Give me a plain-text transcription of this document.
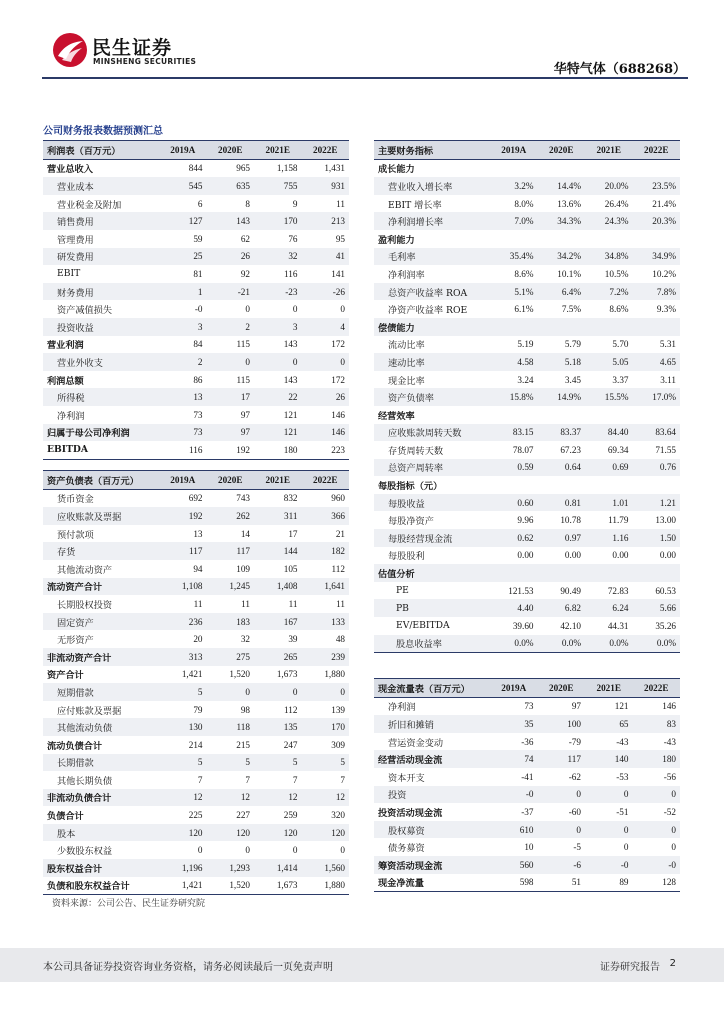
民生证券
MINSHENG SECURITIES
华特气体（688268）
公司财务报表数据预测汇总
利润表（百万元）	2019A	2020E	2021E	2022E
营业总收入	844	965	1,158	1,431
营业成本	545	635	755	931
营业税金及附加	6	8	9	11
销售费用	127	143	170	213
管理费用	59	62	76	95
研发费用	25	26	32	41
EBIT	81	92	116	141
财务费用	1	-21	-23	-26
资产减值损失	-0	0	0	0
投资收益	3	2	3	4
营业利润	84	115	143	172
营业外收支	2	0	0	0
利润总额	86	115	143	172
所得税	13	17	22	26
净利润	73	97	121	146
归属于母公司净利润	73	97	121	146
EBITDA	116	192	180	223
资产负债表（百万元）	2019A	2020E	2021E	2022E
货币资金	692	743	832	960
应收账款及票据	192	262	311	366
预付款项	13	14	17	21
存货	117	117	144	182
其他流动资产	94	109	105	112
流动资产合计	1,108	1,245	1,408	1,641
长期股权投资	11	11	11	11
固定资产	236	183	167	133
无形资产	20	32	39	48
非流动资产合计	313	275	265	239
资产合计	1,421	1,520	1,673	1,880
短期借款	5	0	0	0
应付账款及票据	79	98	112	139
其他流动负债	130	118	135	170
流动负债合计	214	215	247	309
长期借款	5	5	5	5
其他长期负债	7	7	7	7
非流动负债合计	12	12	12	12
负债合计	225	227	259	320
股本	120	120	120	120
少数股东权益	0	0	0	0
股东权益合计	1,196	1,293	1,414	1,560
负债和股东权益合计	1,421	1,520	1,673	1,880
主要财务指标	2019A	2020E	2021E	2022E
成长能力				
营业收入增长率	3.2%	14.4%	20.0%	23.5%
EBIT 增长率	8.0%	13.6%	26.4%	21.4%
净利润增长率	7.0%	34.3%	24.3%	20.3%
盈利能力				
毛利率	35.4%	34.2%	34.8%	34.9%
净利润率	8.6%	10.1%	10.5%	10.2%
总资产收益率 ROA	5.1%	6.4%	7.2%	7.8%
净资产收益率 ROE	6.1%	7.5%	8.6%	9.3%
偿债能力				
流动比率	5.19	5.79	5.70	5.31
速动比率	4.58	5.18	5.05	4.65
现金比率	3.24	3.45	3.37	3.11
资产负债率	15.8%	14.9%	15.5%	17.0%
经营效率				
应收账款周转天数	83.15	83.37	84.40	83.64
存货周转天数	78.07	67.23	69.34	71.55
总资产周转率	0.59	0.64	0.69	0.76
每股指标（元）				
每股收益	0.60	0.81	1.01	1.21
每股净资产	9.96	10.78	11.79	13.00
每股经营现金流	0.62	0.97	1.16	1.50
每股股利	0.00	0.00	0.00	0.00
估值分析				
PE	121.53	90.49	72.83	60.53
PB	4.40	6.82	6.24	5.66
EV/EBITDA	39.60	42.10	44.31	35.26
股息收益率	0.0%	0.0%	0.0%	0.0%
现金流量表（百万元）	2019A	2020E	2021E	2022E
净利润	73	97	121	146
折旧和摊销	35	100	65	83
营运资金变动	-36	-79	-43	-43
经营活动现金流	74	117	140	180
资本开支	-41	-62	-53	-56
投资	-0	0	0	0
投资活动现金流	-37	-60	-51	-52
股权募资	610	0	0	0
债务募资	10	-5	0	0
筹资活动现金流	560	-6	-0	-0
现金净流量	598	51	89	128
资料来源：公司公告、民生证券研究院
本公司具备证券投资咨询业务资格，请务必阅读最后一页免责声明	证券研究报告 2
